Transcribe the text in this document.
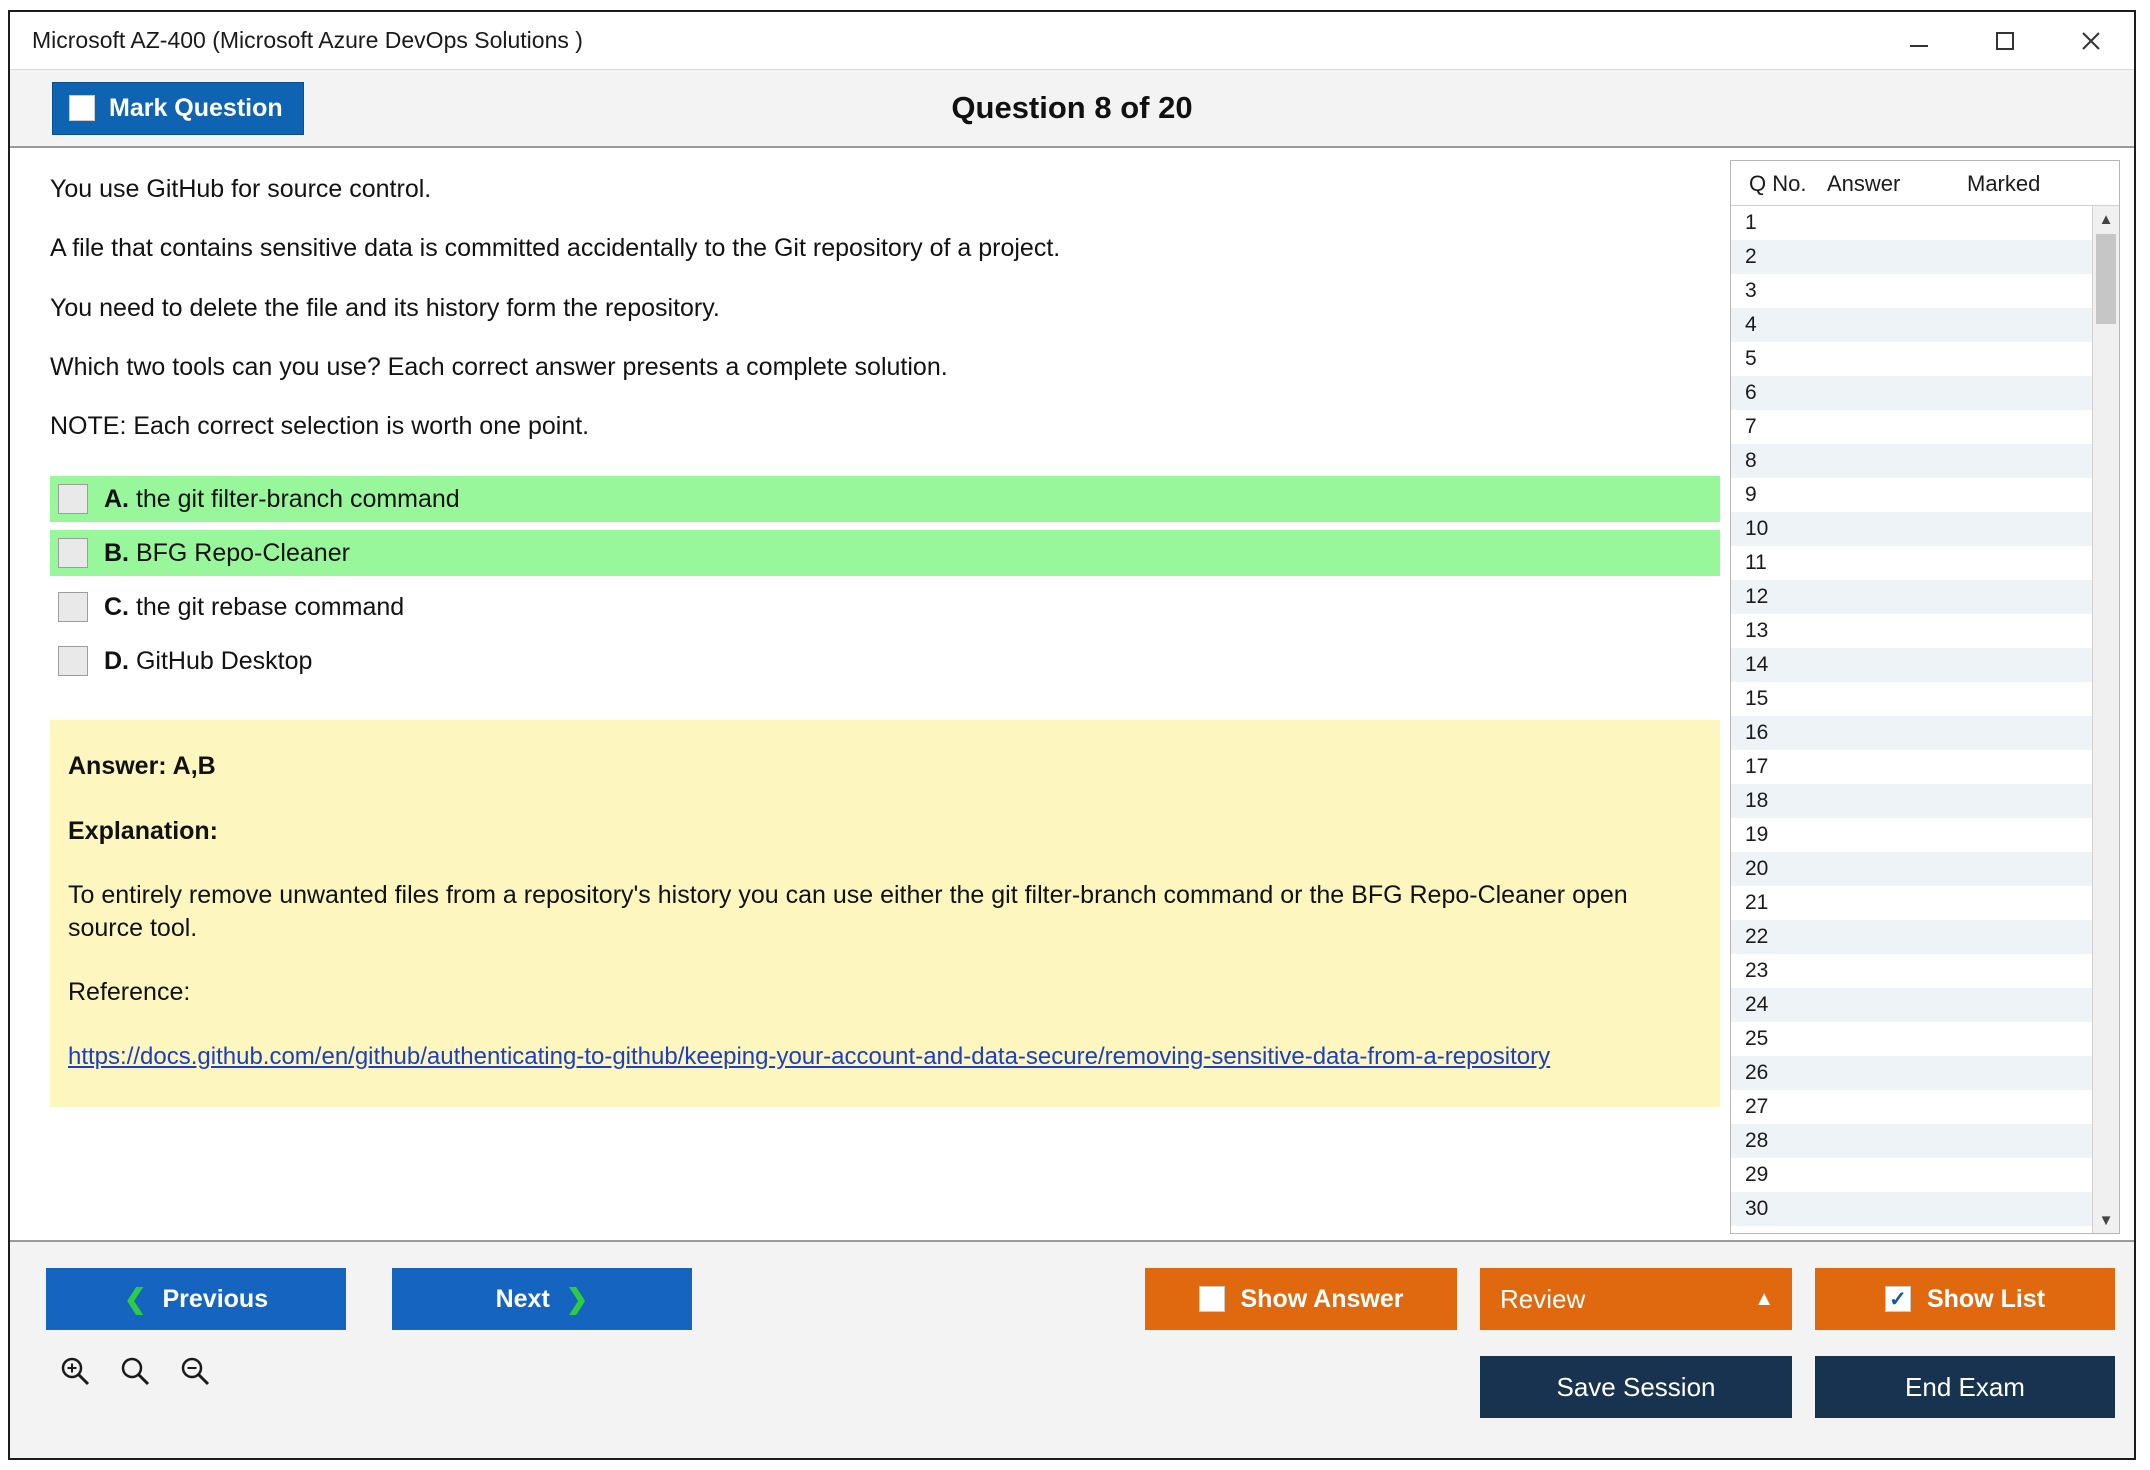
Microsoft AZ-400 (Microsoft Azure DevOps Solutions )
Mark Question	Question 8 of 20

You use GitHub for source control.

A file that contains sensitive data is committed accidentally to the Git repository of a project.

You need to delete the file and its history form the repository.

Which two tools can you use? Each correct answer presents a complete solution.

NOTE: Each correct selection is worth one point.

A. the git filter-branch command
B. BFG Repo-Cleaner
C. the git rebase command
D. GitHub Desktop

Answer: A,B

Explanation:

To entirely remove unwanted files from a repository's history you can use either the git filter-branch command or the BFG Repo-Cleaner open source tool.

Reference:

https://docs.github.com/en/github/authenticating-to-github/keeping-your-account-and-data-secure/removing-sensitive-data-from-a-repository
Q No. Answer	Marked
1
2
3
4
5
6
7
8
9
10
11
12
13
14
15
16
17
18
19
20
21
22
23
24
25
26
27
28
29
30
▲
▼
❮ Previous	Next ❯	Show Answer	Review	▲	✓ Show List
Save Session	End Exam
